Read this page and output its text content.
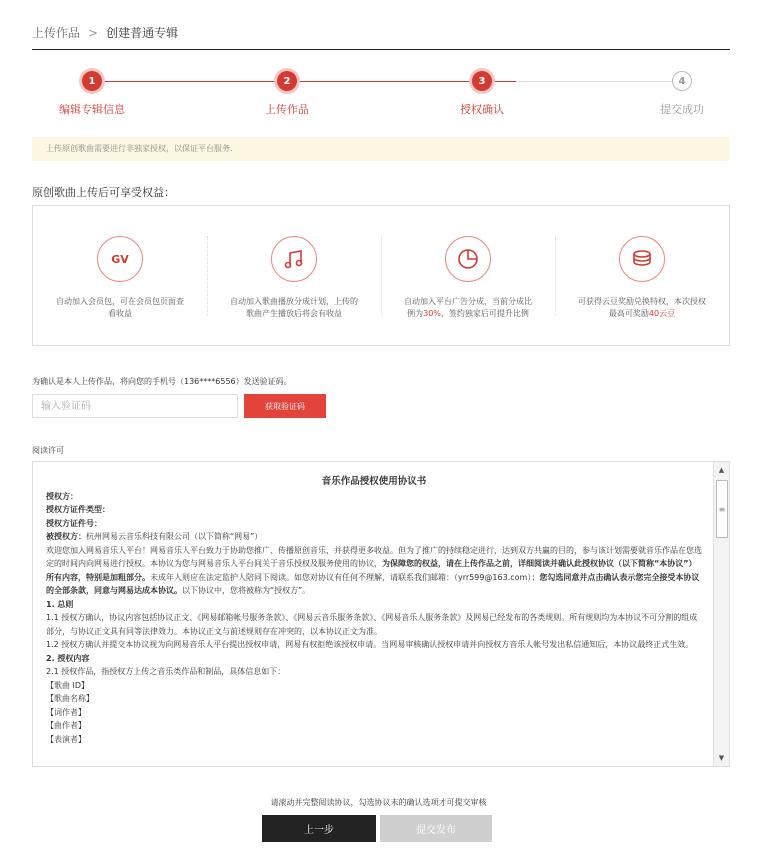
上传作品 > 创建普通专辑
1
编辑专辑信息
2
上传作品
3
授权确认
4
提交成功
上传原创歌曲需要进行非独家授权，以保证平台服务.
原创歌曲上传后可享受权益：
GV
自动加入会员包，可在会员包页面查看收益
自动加入歌曲播放分成计划，上传的歌曲产生播放后将会有收益
自动加入平台广告分成，当前分成比例为30%，签约独家后可提升比例
可获得云豆奖励兑换特权，本次授权最高可奖励40云豆
为确认是本人上传作品，将向您的手机号（136****6556）发送验证码。
输入验证码
获取验证码
阅读许可
音乐作品授权使用协议书

授权方：

授权方证件类型：

授权方证件号：

被授权方：杭州网易云音乐科技有限公司（以下简称“网易”）

欢迎您加入网易音乐人平台！网易音乐人平台致力于协助您推广、传播原创音乐，并获得更多收益。但为了推广的持续稳定进行，达到双方共赢的目的，参与该计划需要就音乐作品在您选定的时间内向网易进行授权。本协议为您与网易音乐人平台间关于音乐授权及服务使用的协议，为保障您的权益，请在上传作品之前，详细阅读并确认此授权协议（以下简称“本协议”）所有内容，特别是加粗部分。未成年人则应在法定监护人陪同下阅读。如您对协议有任何不理解，请联系我们邮箱：（yrr599@163.com）；您勾选同意并点击确认表示您完全接受本协议的全部条款，同意与网易达成本协议。以下协议中，您将被称为“授权方”。

1. 总则

1.1 授权方确认，协议内容包括协议正文、《网易邮箱帐号服务条款》、《网易云音乐服务条款》、《网易音乐人服务条款》及网易已经发布的各类规则。所有规则均为本协议不可分割的组成部分，与协议正文具有同等法律效力。本协议正文与前述规则存在冲突的，以本协议正文为准。

1.2 授权方确认并提交本协议视为向网易音乐人平台提出授权申请，网易有权拒绝该授权申请。当网易审核确认授权申请并向授权方音乐人帐号发出私信通知后，本协议最终正式生效。

2. 授权内容

2.1 授权作品，指授权方上传之音乐类作品和制品，具体信息如下：

【歌曲 ID】

【歌曲名称】

【词作者】

【曲作者】

【表演者】

▲
≡
▼
请滚动并完整阅读协议，勾选协议末的确认选项才可提交审核
上一步	提交发布
